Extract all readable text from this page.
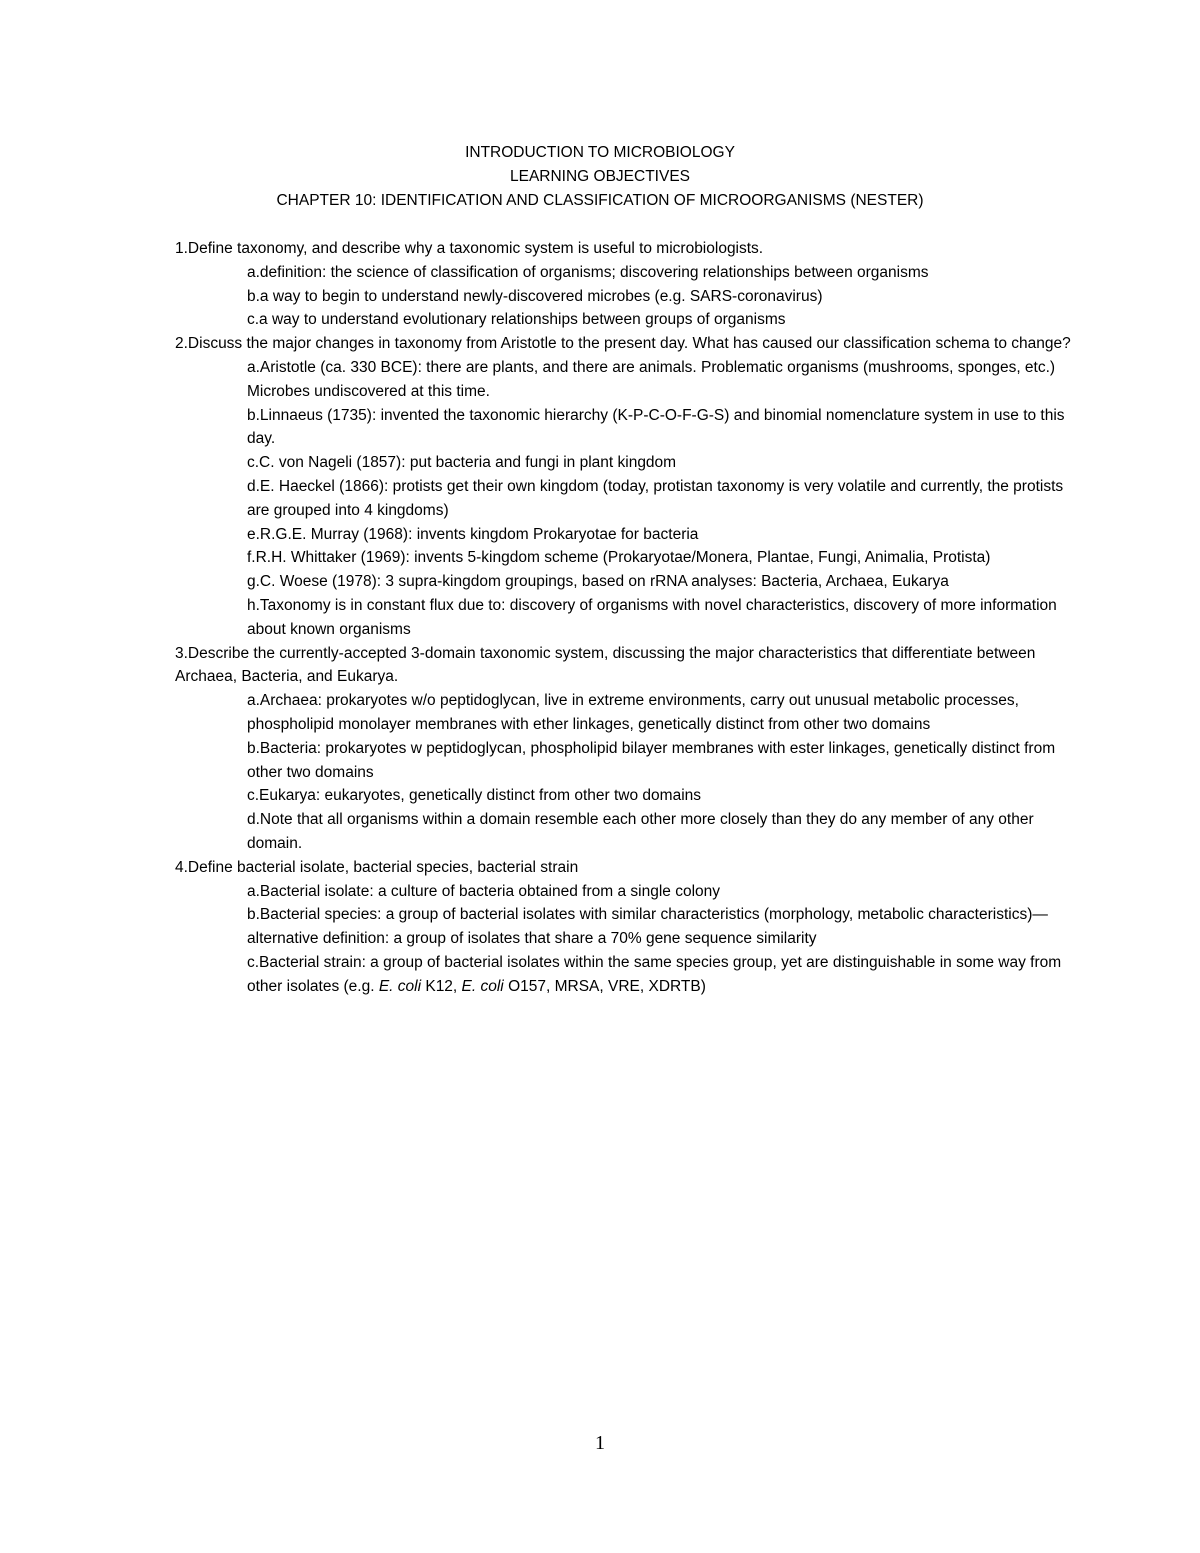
INTRODUCTION TO MICROBIOLOGY
LEARNING OBJECTIVES
CHAPTER 10: IDENTIFICATION AND CLASSIFICATION OF MICROORGANISMS (NESTER)

1.Define taxonomy, and describe why a taxonomic system is useful to microbiologists.

a.definition: the science of classification of organisms; discovering relationships between organisms

b.a way to begin to understand newly-discovered microbes (e.g. SARS-coronavirus)

c.a way to understand evolutionary relationships between groups of organisms

2.Discuss the major changes in taxonomy from Aristotle to the present day. What has caused our classification schema to change?

a.Aristotle (ca. 330 BCE): there are plants, and there are animals. Problematic organisms (mushrooms, sponges, etc.) Microbes undiscovered at this time.

b.Linnaeus (1735): invented the taxonomic hierarchy (K-P-C-O-F-G-S) and binomial nomenclature system in use to this day.

c.C. von Nageli (1857): put bacteria and fungi in plant kingdom

d.E. Haeckel (1866): protists get their own kingdom (today, protistan taxonomy is very volatile and currently, the protists are grouped into 4 kingdoms)

e.R.G.E. Murray (1968): invents kingdom Prokaryotae for bacteria

f.R.H. Whittaker (1969): invents 5-kingdom scheme (Prokaryotae/Monera, Plantae, Fungi, Animalia, Protista)

g.C. Woese (1978): 3 supra-kingdom groupings, based on rRNA analyses: Bacteria, Archaea, Eukarya

h.Taxonomy is in constant flux due to: discovery of organisms with novel characteristics, discovery of more information about known organisms

3.Describe the currently-accepted 3-domain taxonomic system, discussing the major characteristics that differentiate between Archaea, Bacteria, and Eukarya.

a.Archaea: prokaryotes w/o peptidoglycan, live in extreme environments, carry out unusual metabolic processes, phospholipid monolayer membranes with ether linkages, genetically distinct from other two domains

b.Bacteria: prokaryotes w peptidoglycan, phospholipid bilayer membranes with ester linkages, genetically distinct from other two domains

c.Eukarya: eukaryotes, genetically distinct from other two domains

d.Note that all organisms within a domain resemble each other more closely than they do any member of any other domain.

4.Define bacterial isolate, bacterial species, bacterial strain

a.Bacterial isolate: a culture of bacteria obtained from a single colony

b.Bacterial species: a group of bacterial isolates with similar characteristics (morphology, metabolic characteristics)—alternative definition: a group of isolates that share a 70% gene sequence similarity

c.Bacterial strain: a group of bacterial isolates within the same species group, yet are distinguishable in some way from other isolates (e.g. E. coli K12, E. coli O157, MRSA, VRE, XDRTB)

1
